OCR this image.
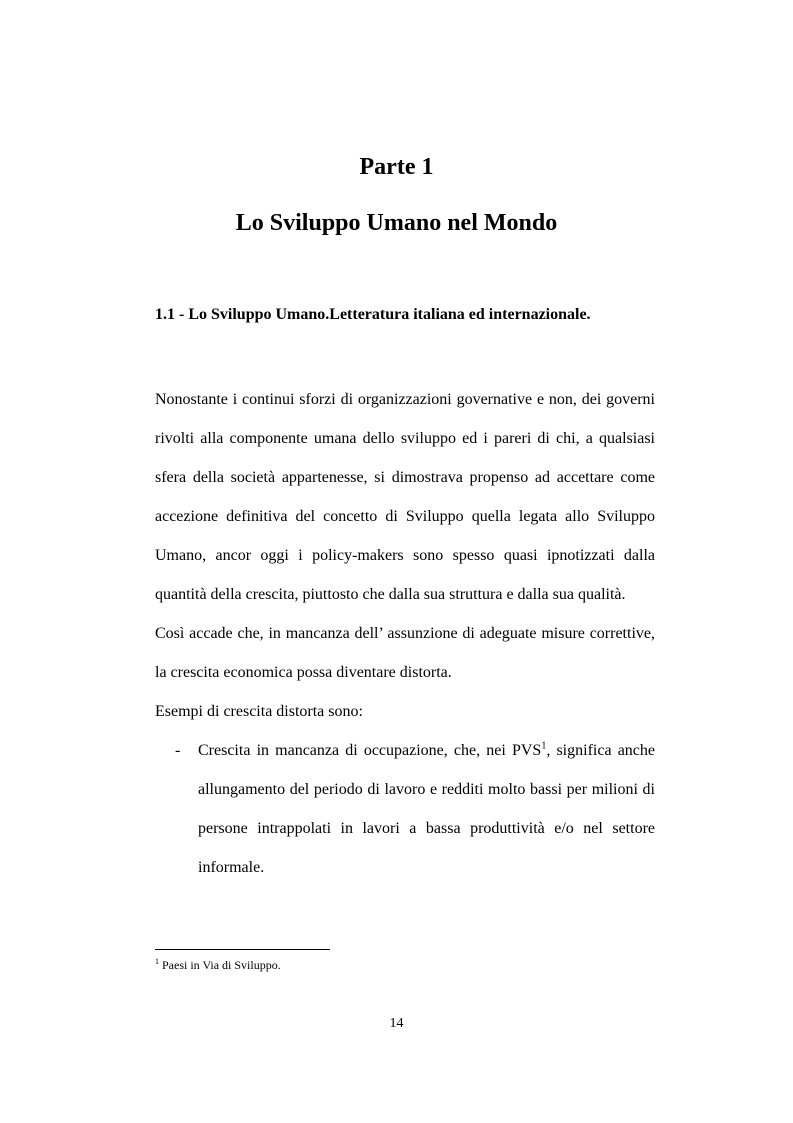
Parte 1
Lo Sviluppo Umano nel Mondo
1.1 - Lo Sviluppo Umano.Letteratura italiana ed internazionale.

Nonostante i continui sforzi di organizzazioni governative e non, dei governi rivolti alla componente umana dello sviluppo ed i pareri di chi, a qualsiasi sfera della società appartenesse, si dimostrava propenso ad accettare come accezione definitiva del concetto di Sviluppo quella legata allo Sviluppo Umano, ancor oggi i policy-makers sono spesso quasi ipnotizzati dalla quantità della crescita, piuttosto che dalla sua struttura e dalla sua qualità.

Così accade che, in mancanza dell’ assunzione di adeguate misure correttive, la crescita economica possa diventare distorta.

Esempi di crescita distorta sono:

- Crescita in mancanza di occupazione, che, nei PVS$^1$, significa anche allungamento del periodo di lavoro e redditi molto bassi per milioni di persone intrappolati in lavori a bassa produttività e/o nel settore informale.

$^1$ Paesi in Via di Sviluppo.

14
